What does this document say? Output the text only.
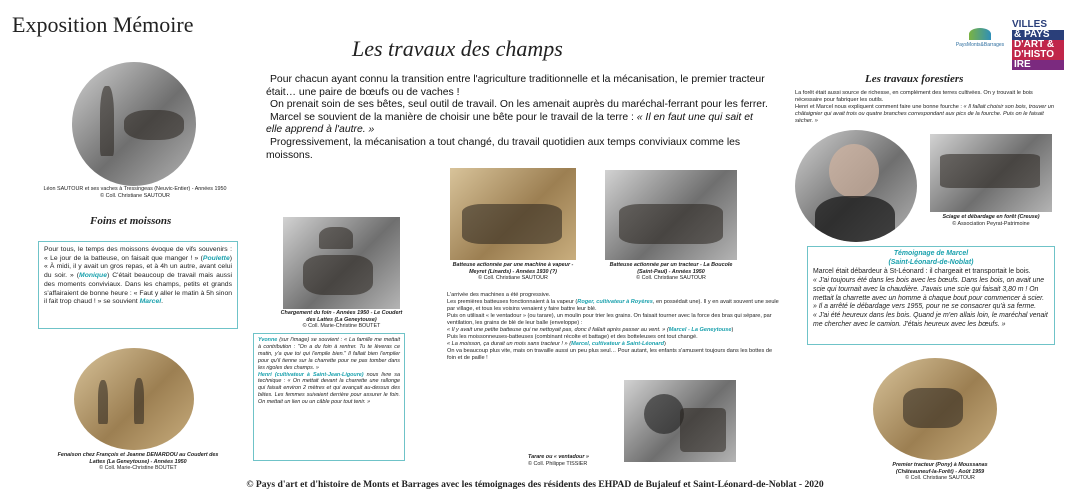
Exposition Mémoire
Les travaux des champs	PaysMonts&Barrages
VILLES
& PAYS
D'ART &
D'HISTO
IRE

Pour chacun ayant connu la transition entre l'agriculture traditionnelle et la mécanisation, le premier tracteur était… une paire de bœufs ou de vaches !

On prenait soin de ses bêtes, seul outil de travail. On les amenait auprès du maréchal-ferrant pour les ferrer.

Marcel se souvient de la manière de choisir une bête pour le travail de la terre : « Il en faut une qui sait et elle apprend à l'autre. »

Progressivement, la mécanisation a tout changé, du travail quotidien aux temps conviviaux comme les moissons.

Léon SAUTOUR et ses vaches à Tressingeas (Neuvic-Entier) - Années 1950
© Coll. Christiane SAUTOUR
Foins et moissons
Pour tous, le temps des moissons évoque de vifs souvenirs : « Le jour de la batteuse, on faisait que manger ! » (Poulette) « À midi, il y avait un gros repas, et à 4h un autre, avant celui du soir. » (Monique) C'était beaucoup de travail mais aussi des moments conviviaux. Dans les champs, petits et grands s'affairaient de bonne heure : « Faut y aller le matin à 5h sinon il fait trop chaud ! » se souvient Marcel.
Fenaison chez François et Jeanne DENARDOU au Coudert des Lattes (La Geneytouse) - Années 1950
© Coll. Marie-Christine BOUTET
Chargement du foin - Années 1950 - Le Coudert des Lattes (La Geneytouse)
© Coll. Marie-Christine BOUTET
Yvonne (sur l'image) se souvient : « La famille me mettait à contribution : "On a du foin à rentrer. Tu te lèveras ce matin, y'a que toi qui l'empile bien." Il fallait bien l'empiler pour qu'il tienne sur la charrette pour ne pas tomber dans les rigoles des champs. »
Henri (cultivateur à Saint-Jean-Ligoure) nous livre sa technique : « On mettait devant la charrette une rallonge qui faisait environ 2 mètres et qui avançait au-dessus des bêtes. Les femmes suivaient derrière pour assurer le foin. On mettait un lien ou un câble pour tout tenir. »
Batteuse actionnée par une machine à vapeur - Meyret (Linards) - Années 1930 (?)
© Coll. Christiane SAUTOUR
Batteuse actionnée par un tracteur - La Boucole (Saint-Paul) - Années 1950
© Coll. Christiane SAUTOUR

L'arrivée des machines a été progressive.

Les premières batteuses fonctionnaient à la vapeur (Roger, cultivateur à Royères, en possédait une). Il y en avait souvent une seule par village, et tous les voisins venaient y faire battre leur blé.

Puis on utilisait « le ventadour » (ou tarare), un moulin pour trier les grains. On faisait tourner avec la force des bras qui sépare, par ventilation, les grains de blé de leur balle (enveloppe) :

« Il y avait une petite batteuse qui ne nettoyait pas, donc il fallait après passer au vent. » (Marcel - La Geneytouse)

Puis les moissonneuses-batteuses (combinant récolte et battage) et des botteleuses ont tout changé.

« La moisson, ça durait un mois sans tracteur ! » (Marcel, cultivateur à Saint-Léonard)

On va beaucoup plus vite, mais on travaille aussi un peu plus seul… Pour autant, les enfants s'amusent toujours dans les bottes de foin et de paille !

Tarare ou « ventadour »
© Coll. Philippe TISSIER
Les travaux forestiers

La forêt était aussi source de richesse, en complément des terres cultivées. On y trouvait le bois nécessaire pour fabriquer les outils.

Henri et Marcel nous expliquent comment faire une bonne fourche : « Il fallait choisir son bois, trouver un châtaignier qui avait trois ou quatre branches correspondant aux pics de la fourche. Puis on le faisait sécher. »

Sciage et débardage en forêt (Creuse)
© Association Peyrat-Patrimoine
Témoignage de Marcel
(Saint-Léonard-de-Noblat)

Marcel était débardeur à St-Léonard : il chargeait et transportait le bois.

« J'ai toujours été dans les bois avec les bœufs. Dans les bois, on avait une scie qui tournait avec la chaudière. J'avais une scie qui faisait 3,80 m ! On mettait la charrette avec un homme à chaque bout pour commencer à scier. » Il a arrêté le débardage vers 1955, pour ne se consacrer qu'à sa ferme.

« J'ai été heureux dans les bois. Quand je m'en allais loin, le maréchal venait me chercher avec le camion. J'étais heureux avec les bœufs. »

Premier tracteur (Pony) à Moussanas (Châteauneuf-la-Forêt) - Août 1959
© Coll. Christiane SAUTOUR
© Pays d'art et d'histoire de Monts et Barrages avec les témoignages des résidents des EHPAD de Bujaleuf et Saint-Léonard-de-Noblat - 2020
